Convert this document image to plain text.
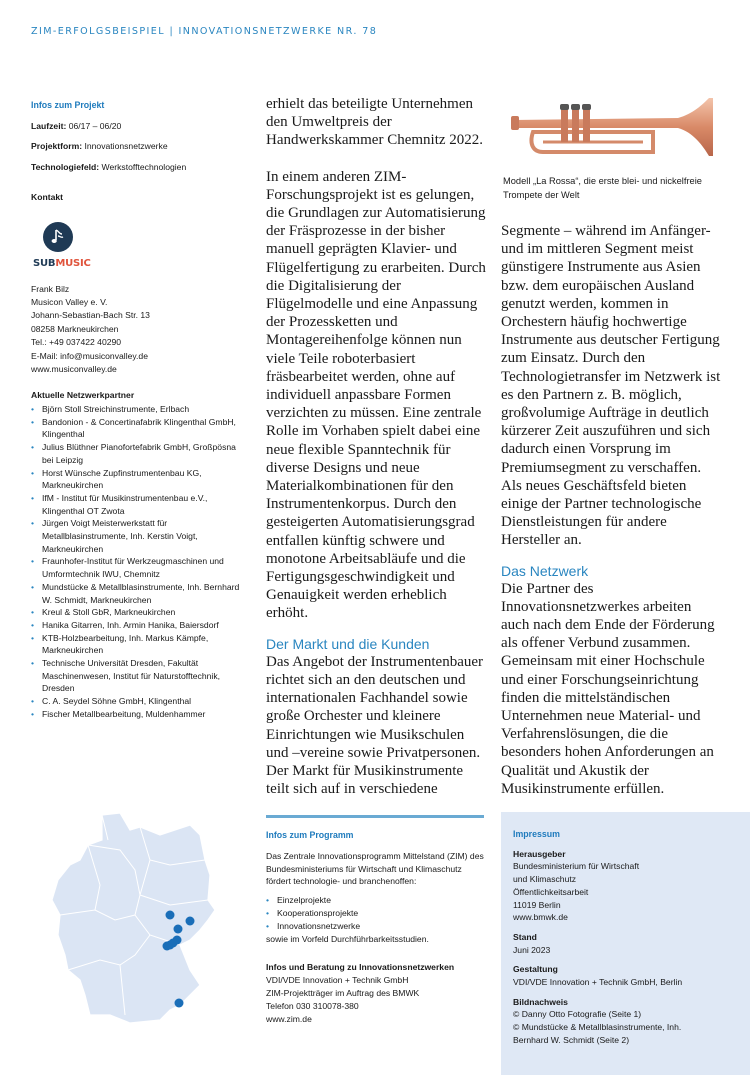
ZIM-ERFOLGSBEISPIEL | INNOVATIONSNETZWERKE NR. 78
Infos zum Projekt
Laufzeit: 06/17 – 06/20
Projektform: Innovationsnetzwerke
Technologiefeld: Werkstofftechnologien
Kontakt
SUBMUSIC
Frank Bilz
Musicon Valley e. V.
Johann-Sebastian-Bach Str. 13
08258 Markneukirchen
Tel.: +49 037422 40290
E-Mail: info@musiconvalley.de
www.musiconvalley.de
Aktuelle Netzwerkpartner
• Björn Stoll Streichinstrumente, Erlbach
• Bandonion - & Concertinafabrik Klingenthal GmbH, Klingenthal
• Julius Blüthner Pianofortefabrik GmbH, Großpösna bei Leipzig
• Horst Wünsche Zupfinstrumentenbau KG, Markneukirchen
• IfM - Institut für Musikinstrumentenbau e.V., Klingenthal OT Zwota
• Jürgen Voigt Meisterwerkstatt für Metallblasinstrumente, Inh. Kerstin Voigt, Markneukirchen
• Fraunhofer-Institut für Werkzeugmaschinen und Umformtechnik IWU, Chemnitz
• Mundstücke & Metallblasinstrumente, Inh. Bernhard W. Schmidt, Markneukirchen
• Kreul & Stoll GbR, Markneukirchen
• Hanika Gitarren, Inh. Armin Hanika, Baiersdorf
• KTB-Holzbearbeitung, Inh. Markus Kämpfe, Markneukirchen
• Technische Universität Dresden, Fakultät Maschinenwesen, Institut für Naturstofftechnik, Dresden
• C. A. Seydel Söhne GmbH, Klingenthal
• Fischer Metallbearbeitung, Muldenhammer

erhielt das beteiligte Unternehmen den Umweltpreis der Handwerkskammer Chemnitz 2022.

In einem anderen ZIM-Forschungsprojekt ist es gelungen, die Grundlagen zur Automatisierung der Fräsprozesse in der bisher manuell geprägten Klavier- und Flügelfertigung zu erarbeiten. Durch die Digitalisierung der Flügelmodelle und eine Anpassung der Prozessketten und Montagereihenfolge können nun viele Teile roboterbasiert fräsbearbeitet werden, ohne auf individuell anpassbare Formen verzichten zu müssen. Eine zentrale Rolle im Vorhaben spielt dabei eine neue flexible Spanntechnik für diverse Designs und neue Materialkombinationen für den Instrumentenkorpus. Durch den gesteigerten Automatisierungsgrad entfallen künftig schwere und monotone Arbeitsabläufe und die Fertigungsgeschwindigkeit und Genauigkeit werden erheblich erhöht.

Der Markt und die Kunden

Das Angebot der Instrumentenbauer richtet sich an den deutschen und internationalen Fachhandel sowie große Orchester und kleinere Einrichtungen wie Musikschulen und –vereine sowie Privatpersonen. Der Markt für Musikinstrumente teilt sich auf in verschiedene

Modell „La Rossa“, die erste blei- und nickelfreie Trompete der Welt

Segmente – während im Anfänger- und im mittleren Segment meist günstigere Instrumente aus Asien bzw. dem europäischen Ausland genutzt werden, kommen in Orchestern häufig hochwertige Instrumente aus deutscher Fertigung zum Einsatz. Durch den Technologietransfer im Netzwerk ist es den Partnern z. B. möglich, großvolumige Aufträge in deutlich kürzerer Zeit auszuführen und sich dadurch einen Vorsprung im Premiumsegment zu verschaffen. Als neues Geschäftsfeld bieten einige der Partner technologische Dienstleistungen für andere Hersteller an.

Das Netzwerk

Die Partner des Innovationsnetzwerkes arbeiten auch nach dem Ende der Förderung als offener Verbund zusammen. Gemeinsam mit einer Hochschule und einer Forschungseinrichtung finden die mittelständischen Unternehmen neue Material- und Verfahrenslösungen, die die besonders hohen Anforderungen an Qualität und Akustik der Musikinstrumente erfüllen.

Infos zum Programm

Das Zentrale Innovationsprogramm Mittelstand (ZIM) des Bundesministeriums für Wirtschaft und Klimaschutz fördert technologie- und branchenoffen:

• Einzelprojekte
• Kooperationsprojekte
• Innovationsnetzwerke
sowie im Vorfeld Durchführbarkeitsstudien.
Infos und Beratung zu Innovationsnetzwerken
VDI/VDE Innovation + Technik GmbH
ZIM-Projektträger im Auftrag des BMWK
Telefon 030 310078-380
www.zim.de
Impressum
Herausgeber
Bundesministerium für Wirtschaft
und Klimaschutz
Öffentlichkeitsarbeit
11019 Berlin
www.bmwk.de
Stand
Juni 2023
Gestaltung
VDI/VDE Innovation + Technik GmbH, Berlin
Bildnachweis
© Danny Otto Fotografie (Seite 1)
© Mundstücke & Metallblasinstrumente, Inh.
Bernhard W. Schmidt (Seite 2)
